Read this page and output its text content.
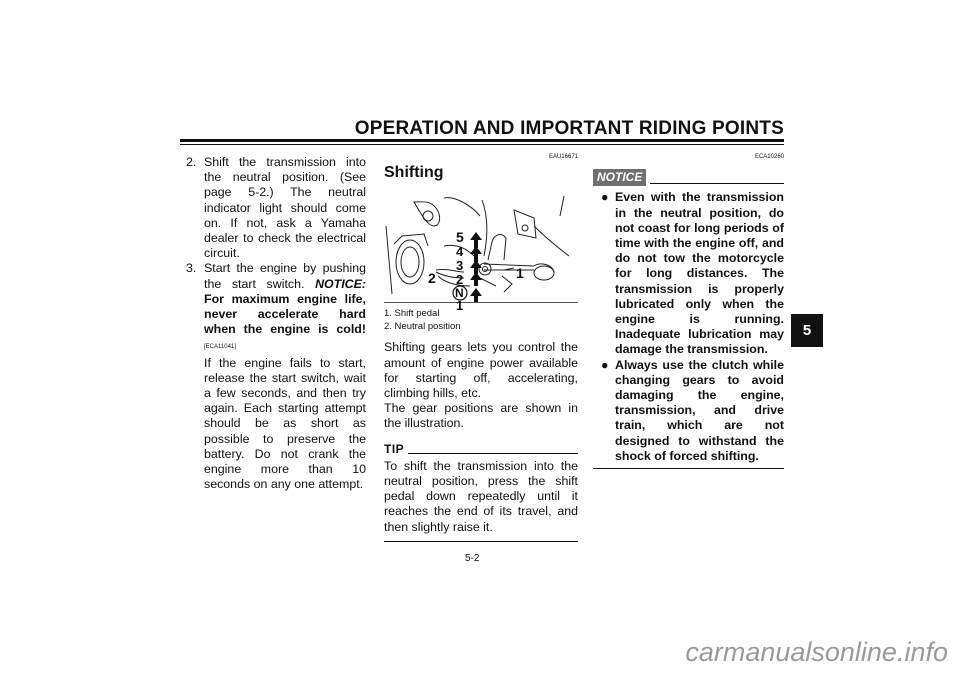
OPERATION AND IMPORTANT RIDING POINTS
5
2. Shift the transmission into the neutral position. (See page 5-2.) The neutral indicator light should come on. If not, ask a Yamaha dealer to check the electrical circuit.
3. Start the engine by pushing the start switch. NOTICE: For maximum engine life, never accelerate hard when the engine is cold! [ECA11041]
If the engine fails to start, release the start switch, wait a few seconds, and then try again. Each starting attempt should be as short as possible to preserve the battery. Do not crank the engine more than 10 seconds on any one attempt.
EAU16671
Shifting
5
4
3
2
N
1
2	1
1. Shift pedal
2. Neutral position
Shifting gears lets you control the amount of engine power available for starting off, accelerating, climbing hills, etc.
The gear positions are shown in the illustration.
TIP
To shift the transmission into the neutral position, press the shift pedal down repeatedly until it reaches the end of its travel, and then slightly raise it.
ECA10260
NOTICE
● Even with the transmission in the neutral position, do not coast for long periods of time with the engine off, and do not tow the motorcycle for long distances. The transmission is properly lubricated only when the engine is running. Inadequate lubrication may damage the transmission.
● Always use the clutch while changing gears to avoid damaging the engine, transmission, and drive train, which are not designed to withstand the shock of forced shifting.
5-2
carmanualsonline.info
